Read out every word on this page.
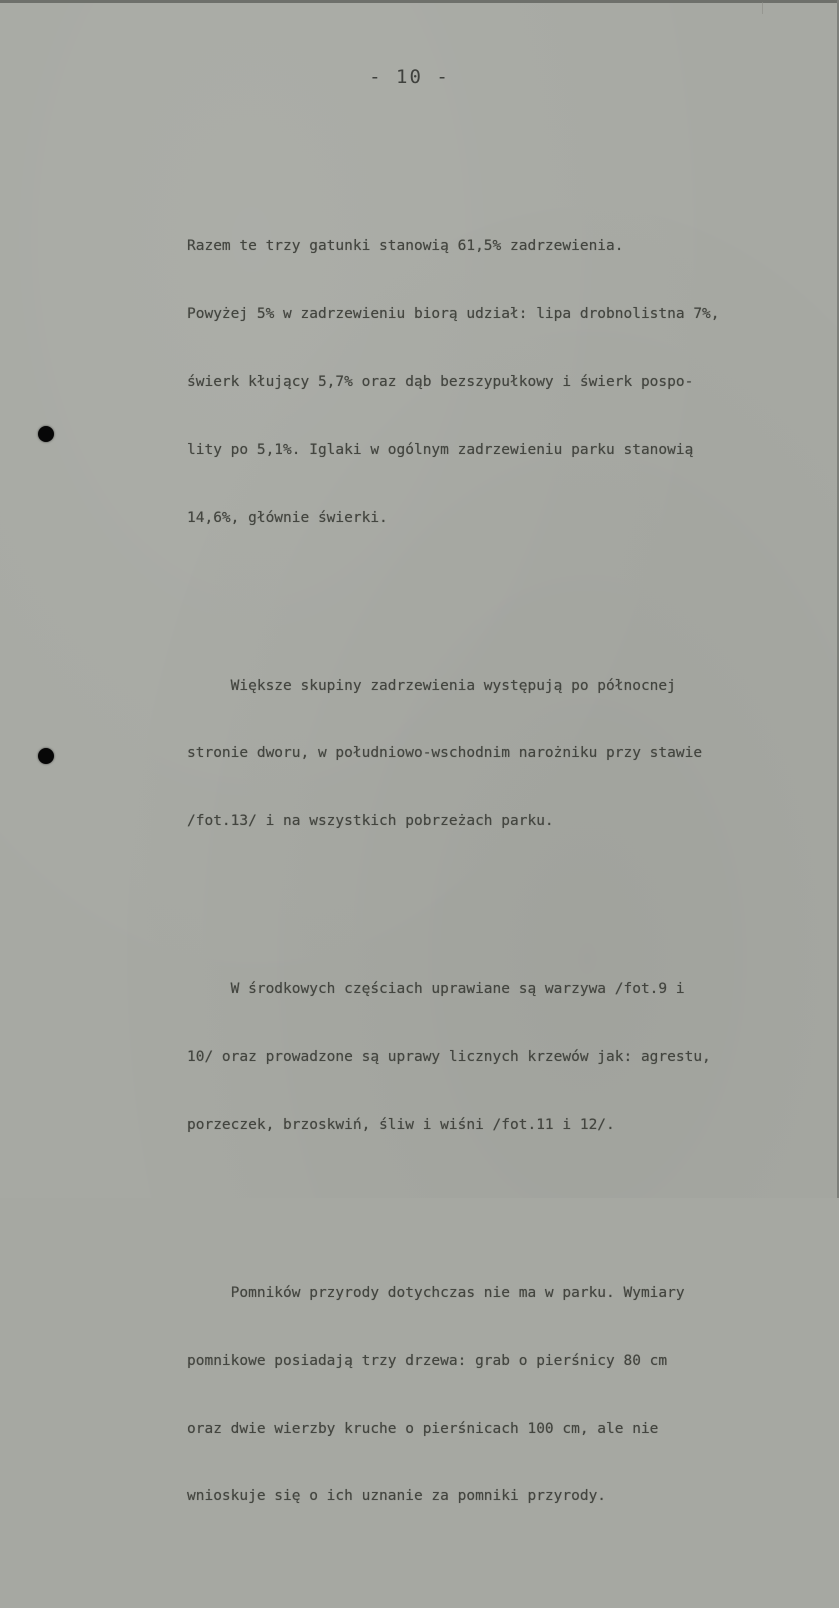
- 10 -

Razem te trzy gatunki stanowią 61,5% zadrzewienia.

Powyżej 5% w zadrzewieniu biorą udział: lipa drobnolistna 7%,

świerk kłujący 5,7% oraz dąb bezszypułkowy i świerk pospo-

lity po 5,1%. Iglaki w ogólnym zadrzewieniu parku stanowią

14,6%, głównie świerki.

Większe skupiny zadrzewienia występują po północnej

stronie dworu, w południowo-wschodnim narożniku przy stawie

/fot.13/ i na wszystkich pobrzeżach parku.

W środkowych częściach uprawiane są warzywa /fot.9 i

10/ oraz prowadzone są uprawy licznych krzewów jak: agrestu,

porzeczek, brzoskwiń, śliw i wiśni /fot.11 i 12/.

Pomników przyrody dotychczas nie ma w parku. Wymiary

pomnikowe posiadają trzy drzewa: grab o pierśnicy 80 cm

oraz dwie wierzby kruche o pierśnicach 100 cm, ale nie

wnioskuje się o ich uznanie za pomniki przyrody.
